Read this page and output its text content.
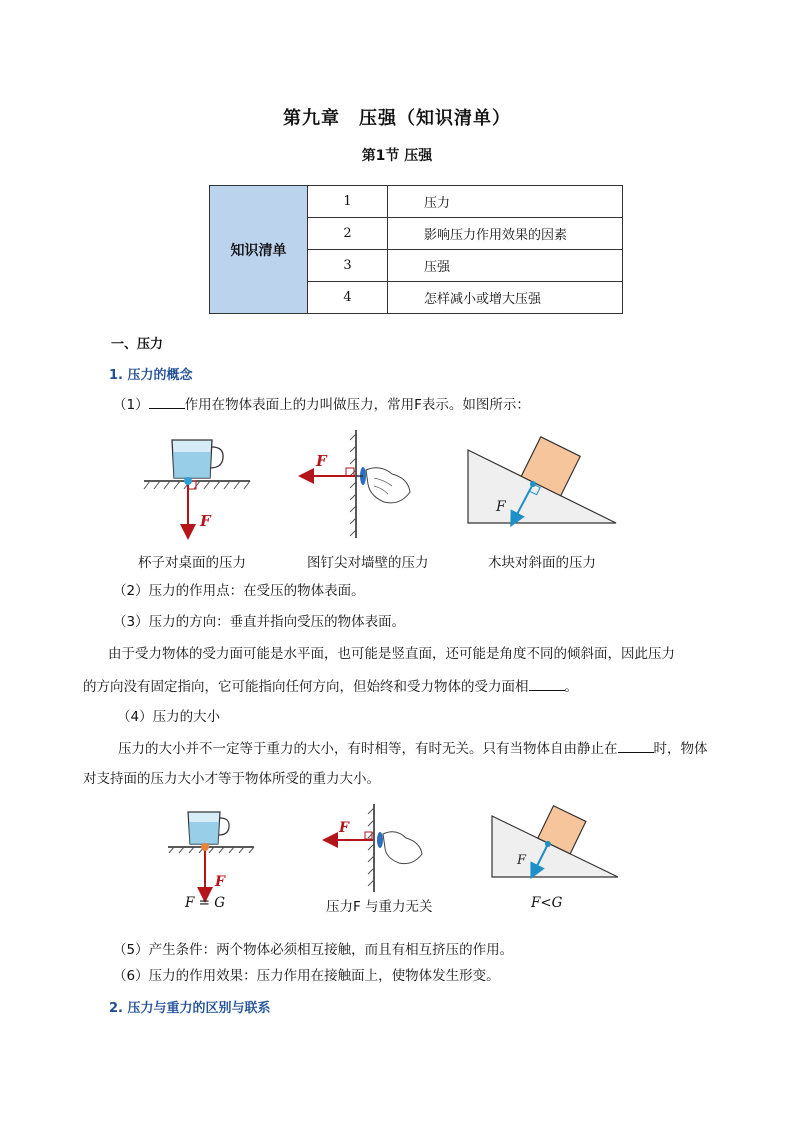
第九章　压强（知识清单）
第1节 压强
知识清单	1	压力
	2	影响压力作用效果的因素
	3	压强
	4	怎样减小或增大压强
一、压力
1. 压力的概念
（1）	作用在物体表面上的力叫做压力，常用F表示。如图所示：
F
F
F
杯子对桌面的压力	图钉尖对墙壁的压力	木块对斜面的压力
（2）压力的作用点：在受压的物体表面。
（3）压力的方向：垂直并指向受压的物体表面。
由于受力物体的受力面可能是水平面，也可能是竖直面，还可能是角度不同的倾斜面，因此压力
的方向没有固定指向，它可能指向任何方向，但始终和受力物体的受力面相	。
（4）压力的大小
压力的大小并不一定等于重力的大小，有时相等，有时无关。只有当物体自由静止在	时，物体
对支持面的压力大小才等于物体所受的重力大小。
F
F
F
F = G	压力F 与重力无关	F<G
（5）产生条件：两个物体必须相互接触，而且有相互挤压的作用。
（6）压力的作用效果：压力作用在接触面上，使物体发生形变。
2. 压力与重力的区别与联系
